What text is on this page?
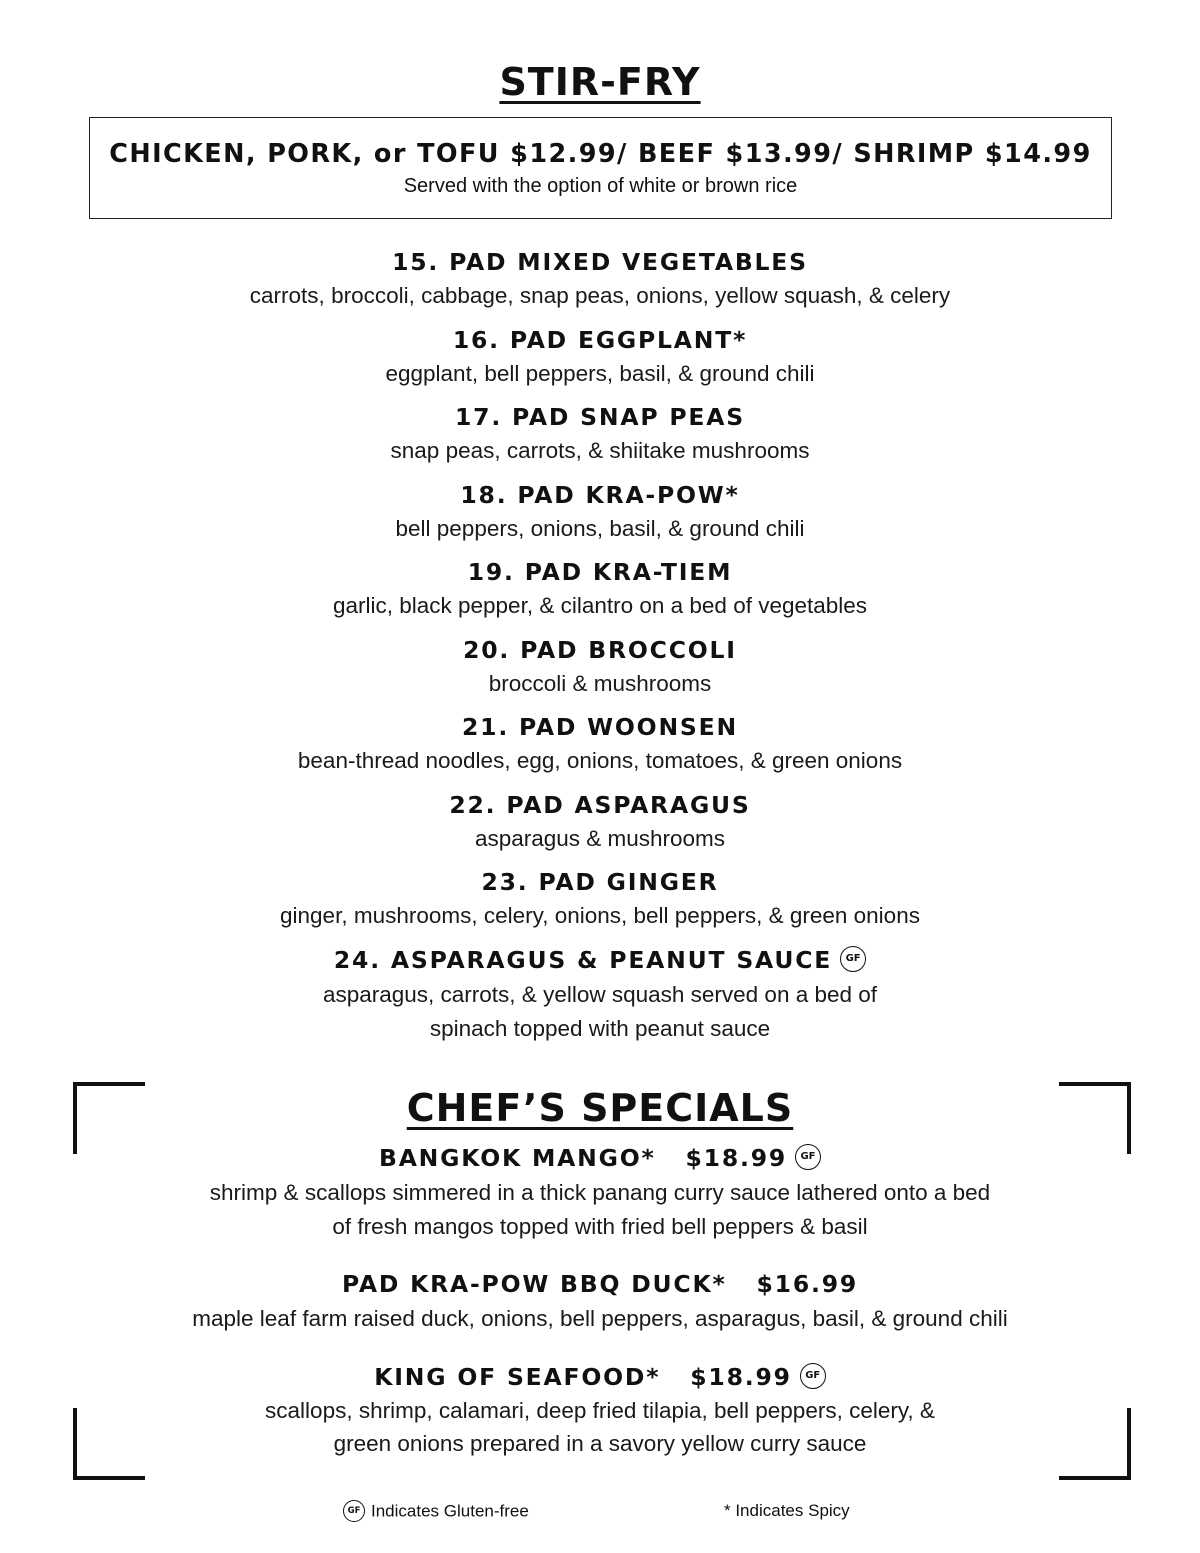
STIR-FRY
CHICKEN, PORK, or TOFU $12.99/ BEEF $13.99/ SHRIMP $14.99
Served with the option of white or brown rice
15. PAD MIXED VEGETABLES
carrots, broccoli, cabbage, snap peas, onions, yellow squash, & celery
16. PAD EGGPLANT*
eggplant, bell peppers, basil, & ground chili
17. PAD SNAP PEAS
snap peas, carrots, & shiitake mushrooms
18. PAD KRA-POW*
bell peppers, onions, basil, & ground chili
19. PAD KRA-TIEM
garlic, black pepper, & cilantro on a bed of vegetables
20. PAD BROCCOLI
broccoli & mushrooms
21. PAD WOONSEN
bean-thread noodles, egg, onions, tomatoes, & green onions
22. PAD ASPARAGUS
asparagus & mushrooms
23. PAD GINGER
ginger, mushrooms, celery, onions, bell peppers, & green onions
24. ASPARAGUS & PEANUT SAUCE GF
asparagus, carrots, & yellow squash served on a bed of
spinach topped with peanut sauce
CHEF’S SPECIALS
BANGKOK MANGO* $18.99 GF
shrimp & scallops simmered in a thick panang curry sauce lathered onto a bed
of fresh mangos topped with fried bell peppers & basil
PAD KRA-POW BBQ DUCK* $16.99
maple leaf farm raised duck, onions, bell peppers, asparagus, basil, & ground chili
KING OF SEAFOOD* $18.99 GF
scallops, shrimp, calamari, deep fried tilapia, bell peppers, celery, &
green onions prepared in a savory yellow curry sauce
GF Indicates Gluten-free	* Indicates Spicy
